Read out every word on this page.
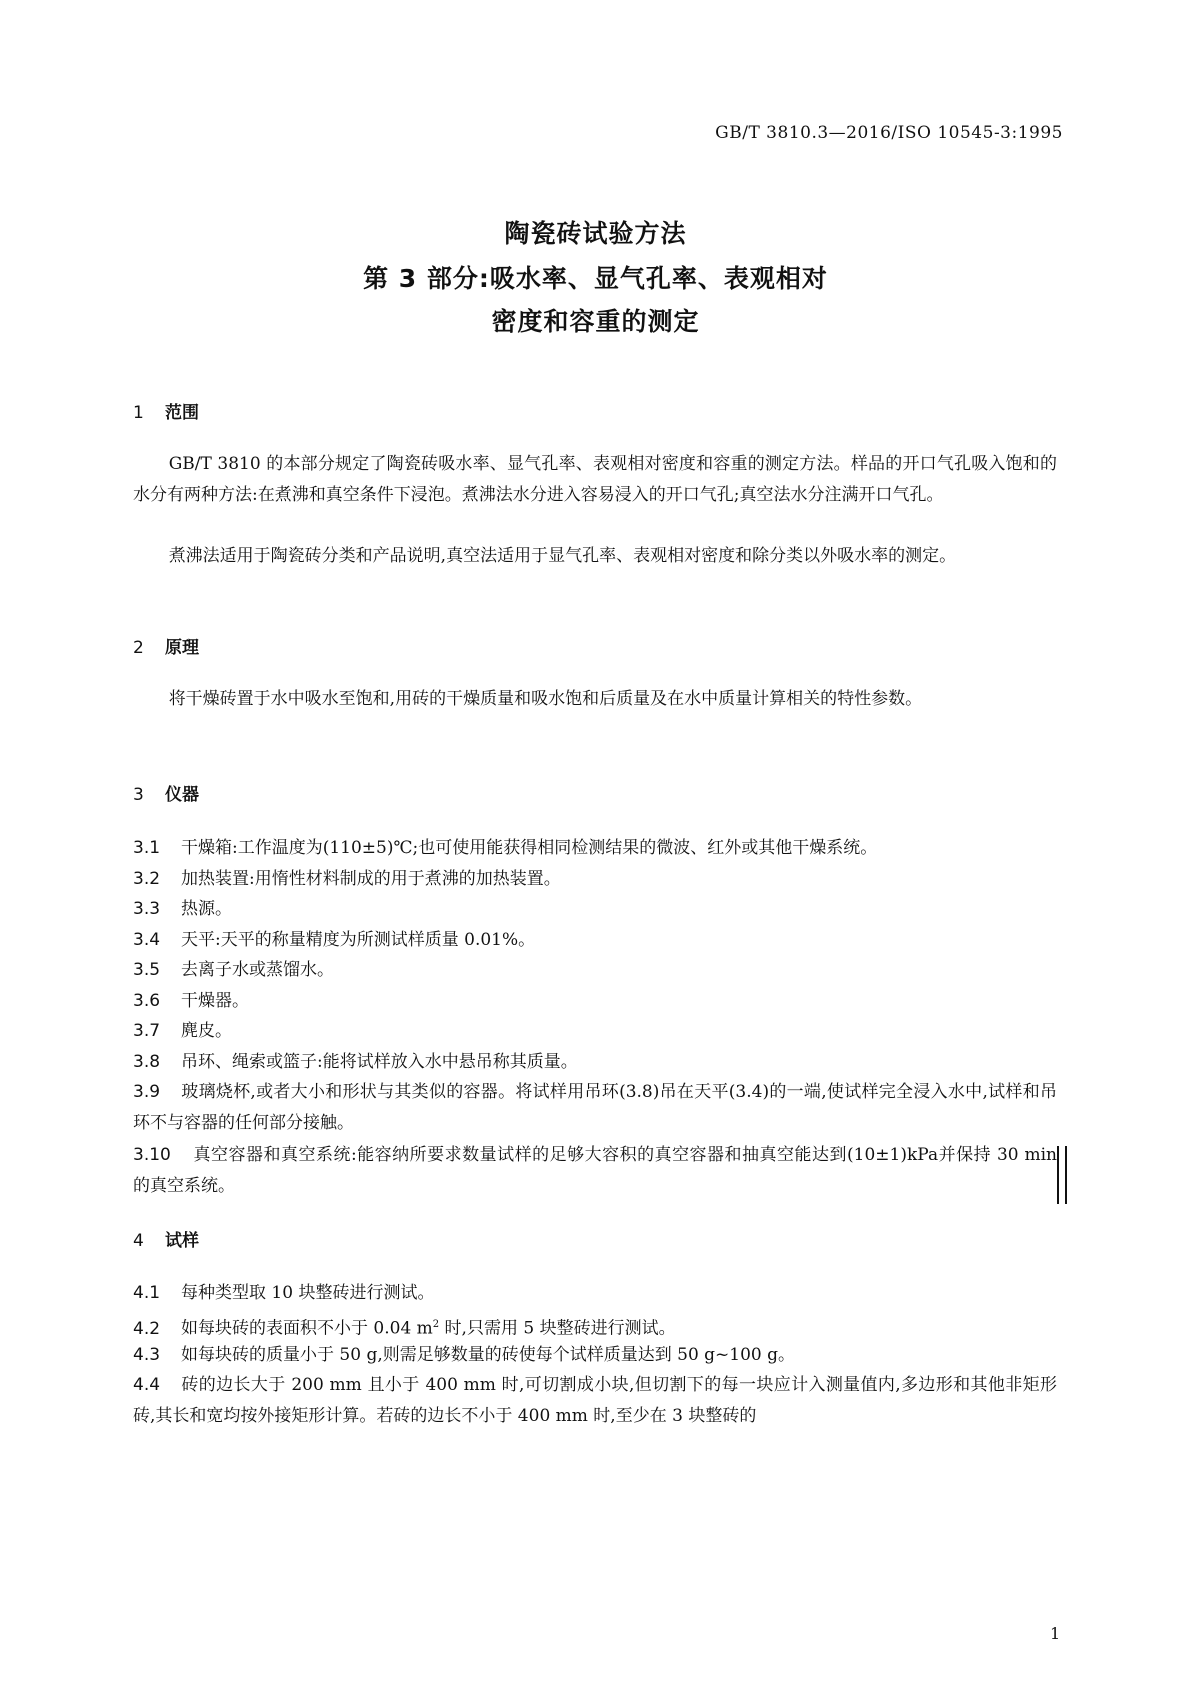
GB/T 3810.3—2016/ISO 10545-3:1995
陶瓷砖试验方法
第 3 部分:吸水率、显气孔率、表观相对
密度和容重的测定
1 范围

GB/T 3810 的本部分规定了陶瓷砖吸水率、显气孔率、表观相对密度和容重的测定方法。样品的开口气孔吸入饱和的水分有两种方法:在煮沸和真空条件下浸泡。煮沸法水分进入容易浸入的开口气孔;真空法水分注满开口气孔。

煮沸法适用于陶瓷砖分类和产品说明,真空法适用于显气孔率、表观相对密度和除分类以外吸水率的测定。

2 原理

将干燥砖置于水中吸水至饱和,用砖的干燥质量和吸水饱和后质量及在水中质量计算相关的特性参数。

3 仪器

3.1 干燥箱:工作温度为(110±5)℃;也可使用能获得相同检测结果的微波、红外或其他干燥系统。

3.2 加热装置:用惰性材料制成的用于煮沸的加热装置。

3.3 热源。

3.4 天平:天平的称量精度为所测试样质量 0.01%。

3.5 去离子水或蒸馏水。

3.6 干燥器。

3.7 麂皮。

3.8 吊环、绳索或篮子:能将试样放入水中悬吊称其质量。

3.9 玻璃烧杯,或者大小和形状与其类似的容器。将试样用吊环(3.8)吊在天平(3.4)的一端,使试样完全浸入水中,试样和吊环不与容器的任何部分接触。

3.10 真空容器和真空系统:能容纳所要求数量试样的足够大容积的真空容器和抽真空能达到(10±1)kPa并保持 30 min 的真空系统。

4 试样

4.1 每种类型取 10 块整砖进行测试。

4.2 如每块砖的表面积不小于 0.04 $m^2$ 时,只需用 5 块整砖进行测试。

4.3 如每块砖的质量小于 50 g,则需足够数量的砖使每个试样质量达到 50 g~100 g。

4.4 砖的边长大于 200 mm 且小于 400 mm 时,可切割成小块,但切割下的每一块应计入测量值内,多边形和其他非矩形砖,其长和宽均按外接矩形计算。若砖的边长不小于 400 mm 时,至少在 3 块整砖的

1
